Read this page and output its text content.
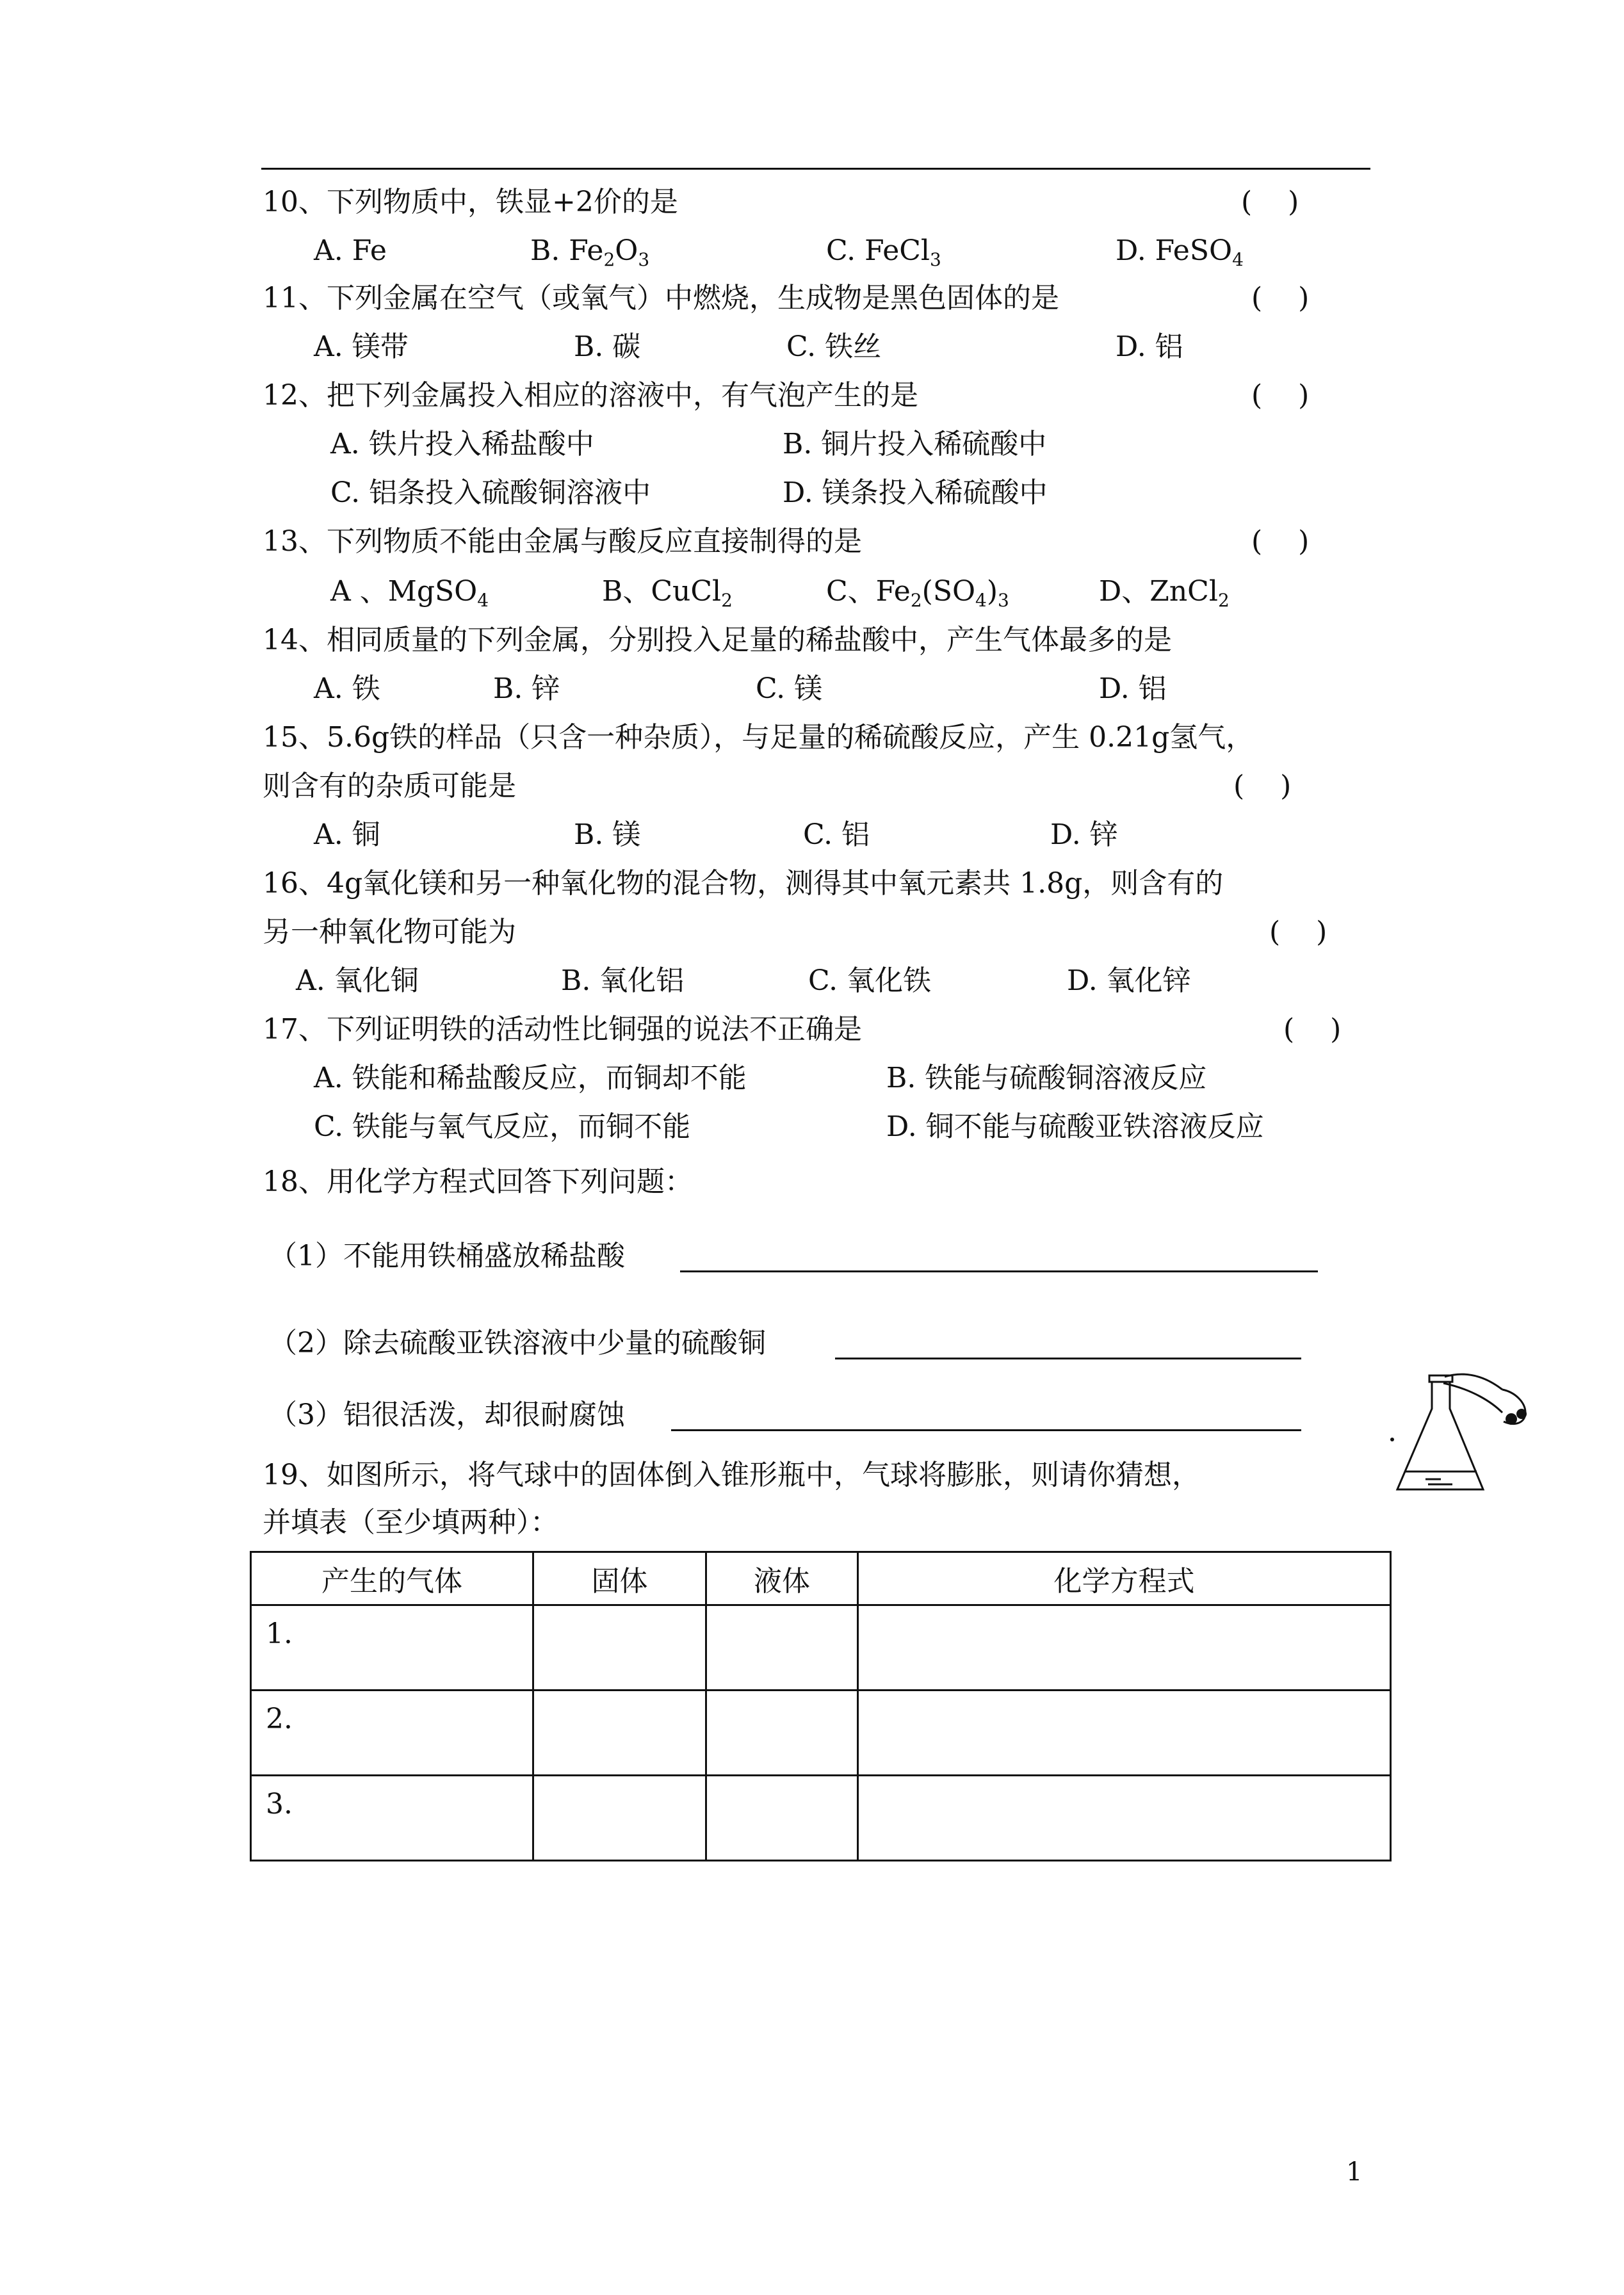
10、下列物质中，铁显+2价的是	(    )
A. Fe	B. $Fe_2O_3$	C. FeCl$_3$	D. FeSO$_4$
11、下列金属在空气（或氧气）中燃烧，生成物是黑色固体的是	(    )
A. 镁带	B. 碳	C. 铁丝	D. 铝
12、把下列金属投入相应的溶液中，有气泡产生的是	(    )
A. 铁片投入稀盐酸中	B. 铜片投入稀硫酸中
C. 铝条投入硫酸铜溶液中	D. 镁条投入稀硫酸中
13、下列物质不能由金属与酸反应直接制得的是	(    )
A 、MgSO$_4$	B、CuCl$_2$	C、$Fe_2(SO_4)_3$	D、ZnCl$_2$
14、相同质量的下列金属，分别投入足量的稀盐酸中，产生气体最多的是
A. 铁	B. 锌	C. 镁	D. 铝
15、5.6g铁的样品（只含一种杂质），与足量的稀硫酸反应，产生 0.21g氢气，
则含有的杂质可能是	(    )
A. 铜	B. 镁	C. 铝	D. 锌
16、4g氧化镁和另一种氧化物的混合物，测得其中氧元素共 1.8g，则含有的
另一种氧化物可能为	(    )
A. 氧化铜	B. 氧化铝	C. 氧化铁	D. 氧化锌
17、下列证明铁的活动性比铜强的说法不正确是	(    )
A. 铁能和稀盐酸反应，而铜却不能	B. 铁能与硫酸铜溶液反应
C. 铁能与氧气反应，而铜不能	D. 铜不能与硫酸亚铁溶液反应
18、用化学方程式回答下列问题：
（1）不能用铁桶盛放稀盐酸
（2）除去硫酸亚铁溶液中少量的硫酸铜
（3）铝很活泼，却很耐腐蚀
19、如图所示，将气球中的固体倒入锥形瓶中，气球将膨胀，则请你猜想，
并填表（至少填两种）：
产生的气体	固体	液体	化学方程式
1.			
2.			
3.			
1
